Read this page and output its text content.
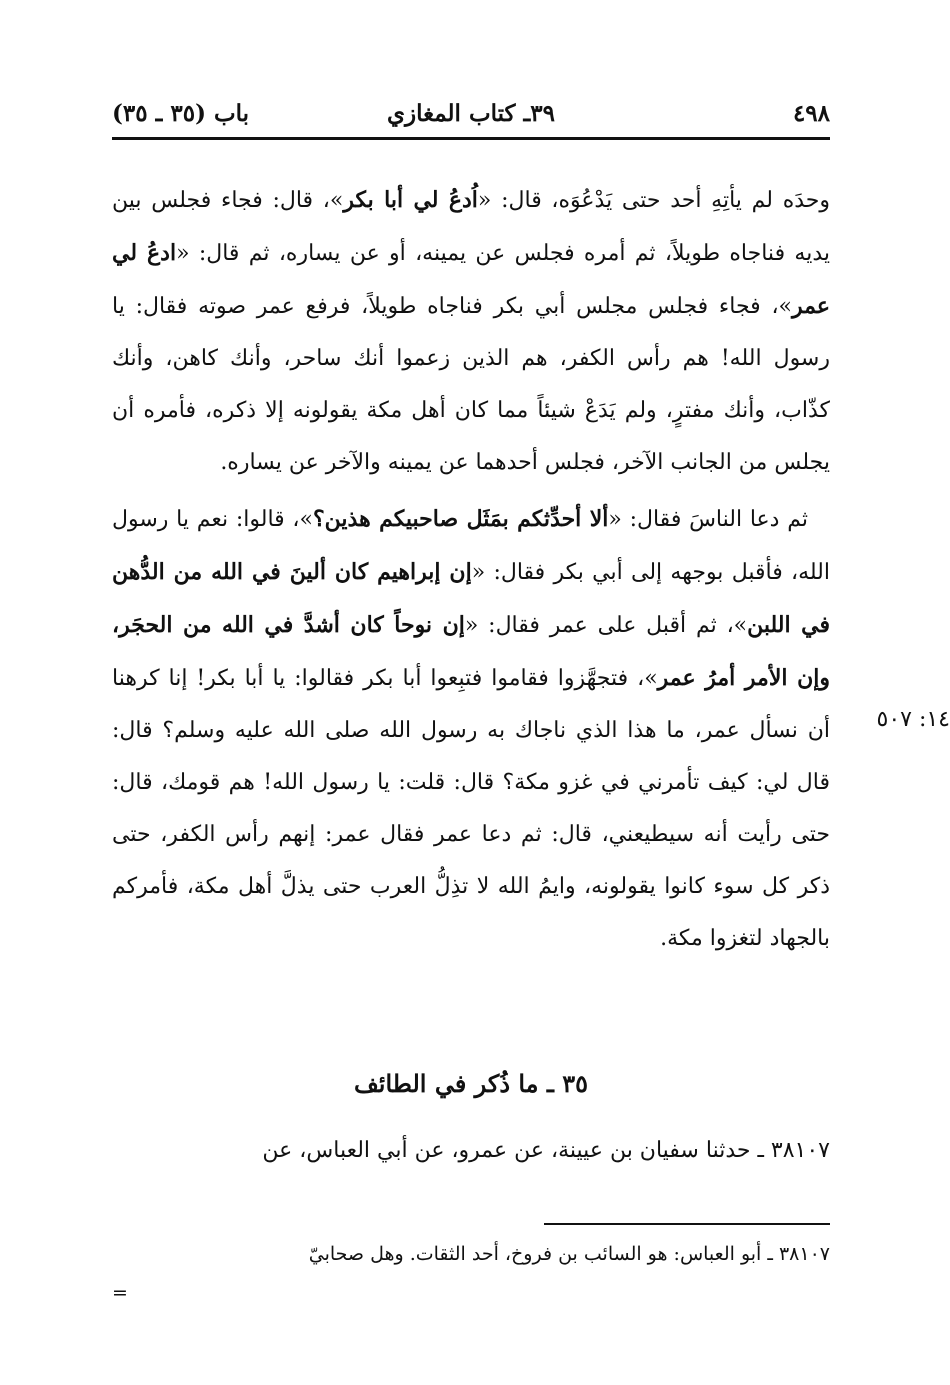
٤٩٨
٣٩ـ كتاب المغازي
باب (٣٥ ـ ٣٥)

وحدَه لم يأتِهِ أحد حتى يَدْعُوَه، قال: «اُدعُ لي أبا بكر»، قال: فجاء فجلس بين يديه فناجاه طويلاً، ثم أمره فجلس عن يمينه، أو عن يساره، ثم قال: «ادعُ لي عمر»، فجاء فجلس مجلس أبي بكر فناجاه طويلاً، فرفع عمر صوته فقال: يا رسول الله! هم رأس الكفر، هم الذين زعموا أنك ساحر، وأنك كاهن، وأنك كذّاب، وأنك مفترٍ، ولم يَدَعْ شيئاً مما كان أهل مكة يقولونه إلا ذكره، فأمره أن يجلس من الجانب الآخر، فجلس أحدهما عن يمينه والآخر عن يساره.

 ثم دعا الناسَ فقال: «ألا أحدِّثكم بمَثَل صاحبيكم هذين؟»، قالوا: نعم يا رسول الله، فأقبل بوجهه إلى أبي بكر فقال: «إن إبراهيم كان ألينَ في الله من الدُّهن في اللبن»، ثم أقبل على عمر فقال: «إن نوحاً كان أشدَّ في الله من الحجَر، وإن الأمر أمرُ عمر»، فتجهَّزوا فقاموا فتبِعوا أبا بكر فقالوا: يا أبا بكر! إنا كرهنا أن نسأل عمر، ما هذا الذي ناجاك به رسول الله صلى الله عليه وسلم؟ قال: قال لي: كيف تأمرني في غزو مكة؟ قال: قلت: يا رسول الله! هم قومك، قال: حتى رأيت أنه سيطيعني، قال: ثم دعا عمر فقال عمر: إنهم رأس الكفر، حتى ذكر كل سوء كانوا يقولونه، وايمُ الله لا تذِلُّ العرب حتى يذلَّ أهل مكة، فأمركم بالجهاد لتغزوا مكة.

١٤: ٥٠٧
٣٥ ـ ما ذُكر في الطائف
٣٨١٠٧ ـ حدثنا سفيان بن عيينة، عن عمرو، عن أبي العباس، عن
٣٨١٠٧ ـ أبو العباس: هو السائب بن فروخ، أحد الثقات. وهل صحابيّ
=
